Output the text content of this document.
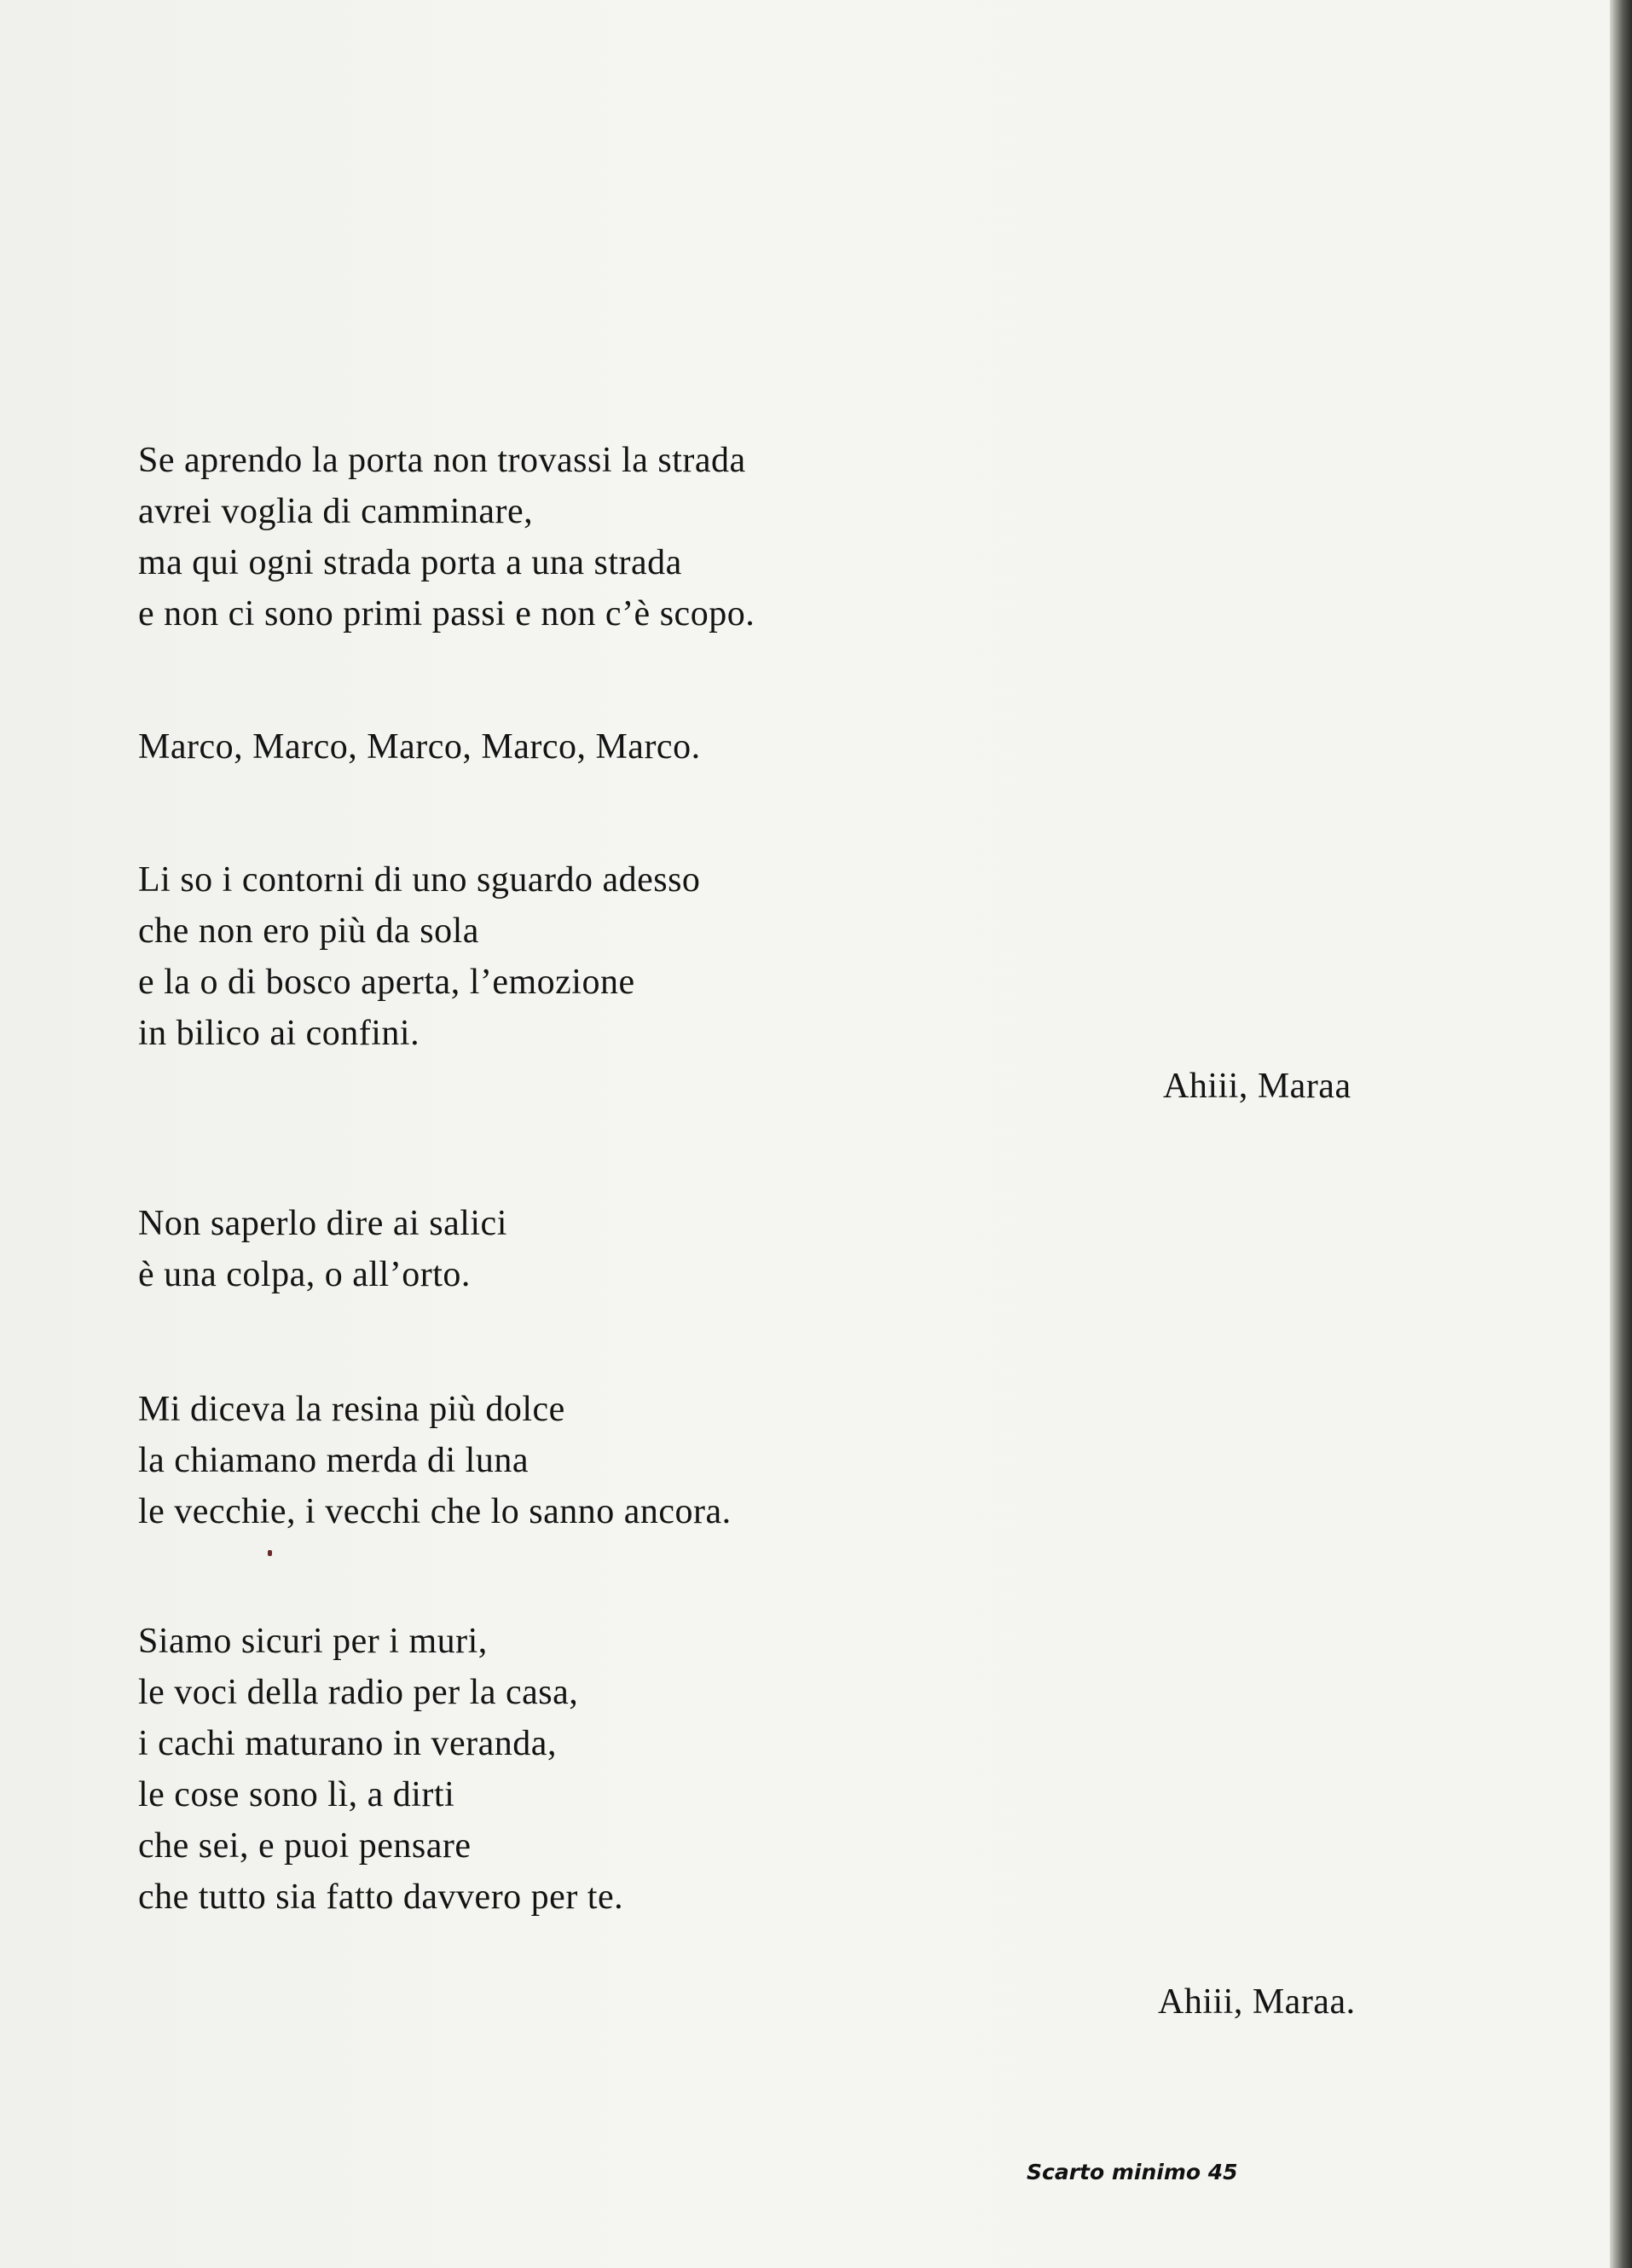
Se aprendo la porta non trovassi la strada
avrei voglia di camminare,
ma qui ogni strada porta a una strada
e non ci sono primi passi e non c’è scopo.
Marco, Marco, Marco, Marco, Marco.
Li so i contorni di uno sguardo adesso
che non ero più da sola
e la o di bosco aperta, l’emozione
in bilico ai confini.
Non saperlo dire ai salici
è una colpa, o all’orto.
Mi diceva la resina più dolce
la chiamano merda di luna
le vecchie, i vecchi che lo sanno ancora.
Siamo sicuri per i muri,
le voci della radio per la casa,
i cachi maturano in veranda,
le cose sono lì, a dirti
che sei, e puoi pensare
che tutto sia fatto davvero per te.
Ahiii, Maraa
Ahiii, Maraa.
Scarto minimo 45
